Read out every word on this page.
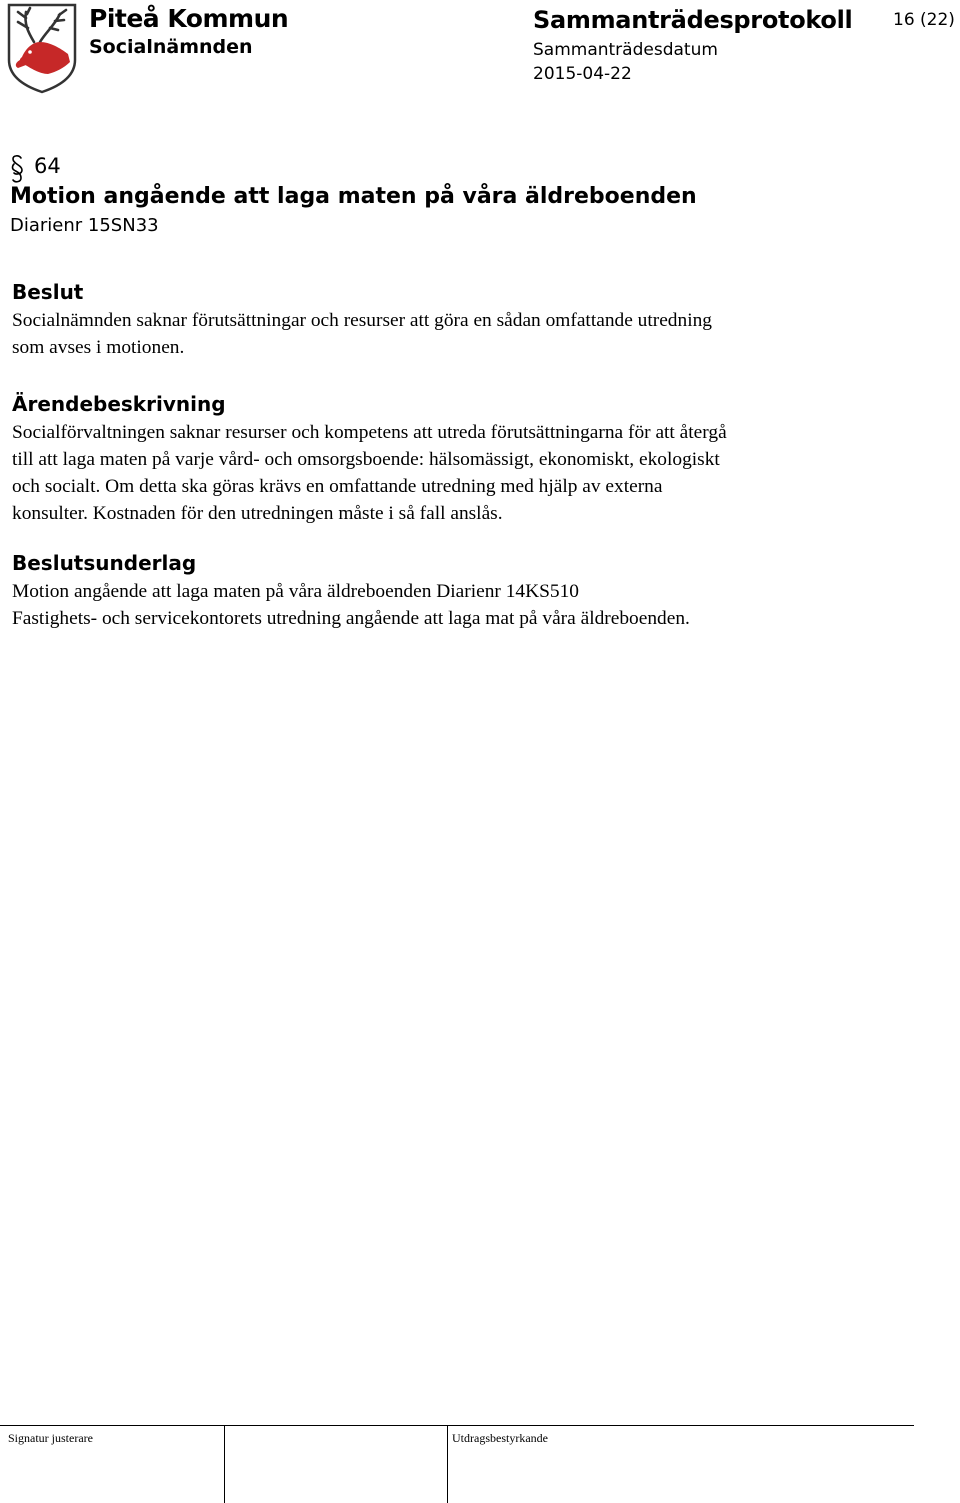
Piteå Kommun
Socialnämnden
Sammanträdesprotokoll
Sammanträdesdatum
2015-04-22
16 (22)
64
Motion angående att laga maten på våra äldreboenden
Diarienr 15SN33
Beslut

Socialnämnden saknar förutsättningar och resurser att göra en sådan omfattande utredning
som avses i motionen.

Ärendebeskrivning

Socialförvaltningen saknar resurser och kompetens att utreda förutsättningarna för att återgå
till att laga maten på varje vård- och omsorgsboende: hälsomässigt, ekonomiskt, ekologiskt
och socialt. Om detta ska göras krävs en omfattande utredning med hjälp av externa
konsulter. Kostnaden för den utredningen måste i så fall anslås.

Beslutsunderlag

Motion angående att laga maten på våra äldreboenden Diarienr 14KS510
Fastighets- och servicekontorets utredning angående att laga mat på våra äldreboenden.

Signatur justerare	Utdragsbestyrkande
